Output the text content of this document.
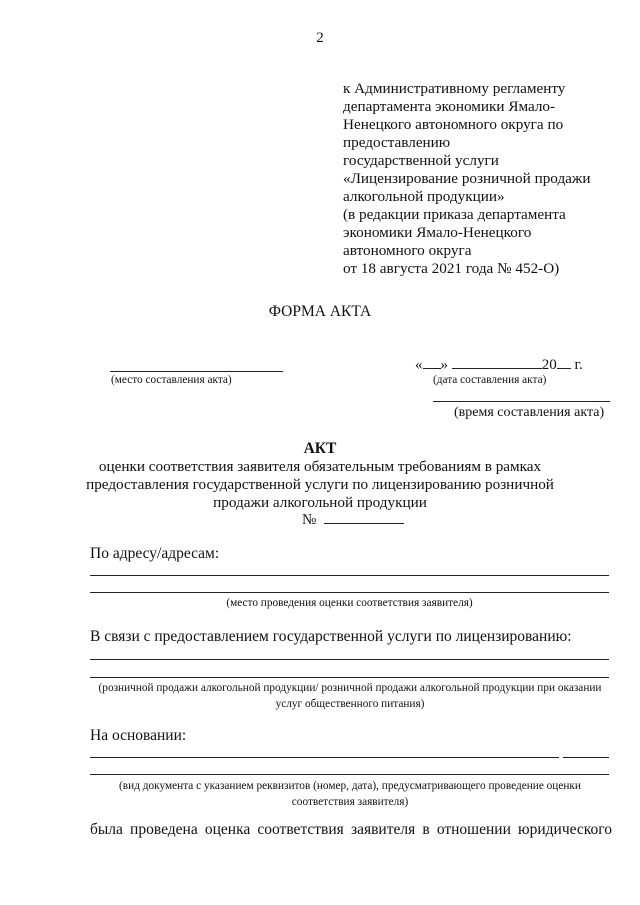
2
к Административному регламенту
департамента экономики Ямало-
Ненецкого автономного округа по
предоставлению
государственной услуги
«Лицензирование розничной продажи
алкогольной продукции»
(в редакции приказа департамента
экономики Ямало-Ненецкого
автономного округа
от 18 августа 2021 года № 452-О)
ФОРМА АКТА
(место составления акта)
« »	20 г.
(дата составления акта)
(время составления акта)
АКТ
оценки соответствия заявителя обязательным требованиям в рамках предоставления государственной услуги по лицензированию розничной продажи алкогольной продукции
№
По адресу/адресам:
(место проведения оценки соответствия заявителя)
В связи с предоставлением государственной услуги по лицензированию:
(розничной продажи алкогольной продукции/ розничной продажи алкогольной продукции при оказании услуг общественного питания)
На основании:
(вид документа с указанием реквизитов (номер, дата), предусматривающего проведение оценки соответствия заявителя)
была проведена оценка соответствия заявителя в отношении юридического
